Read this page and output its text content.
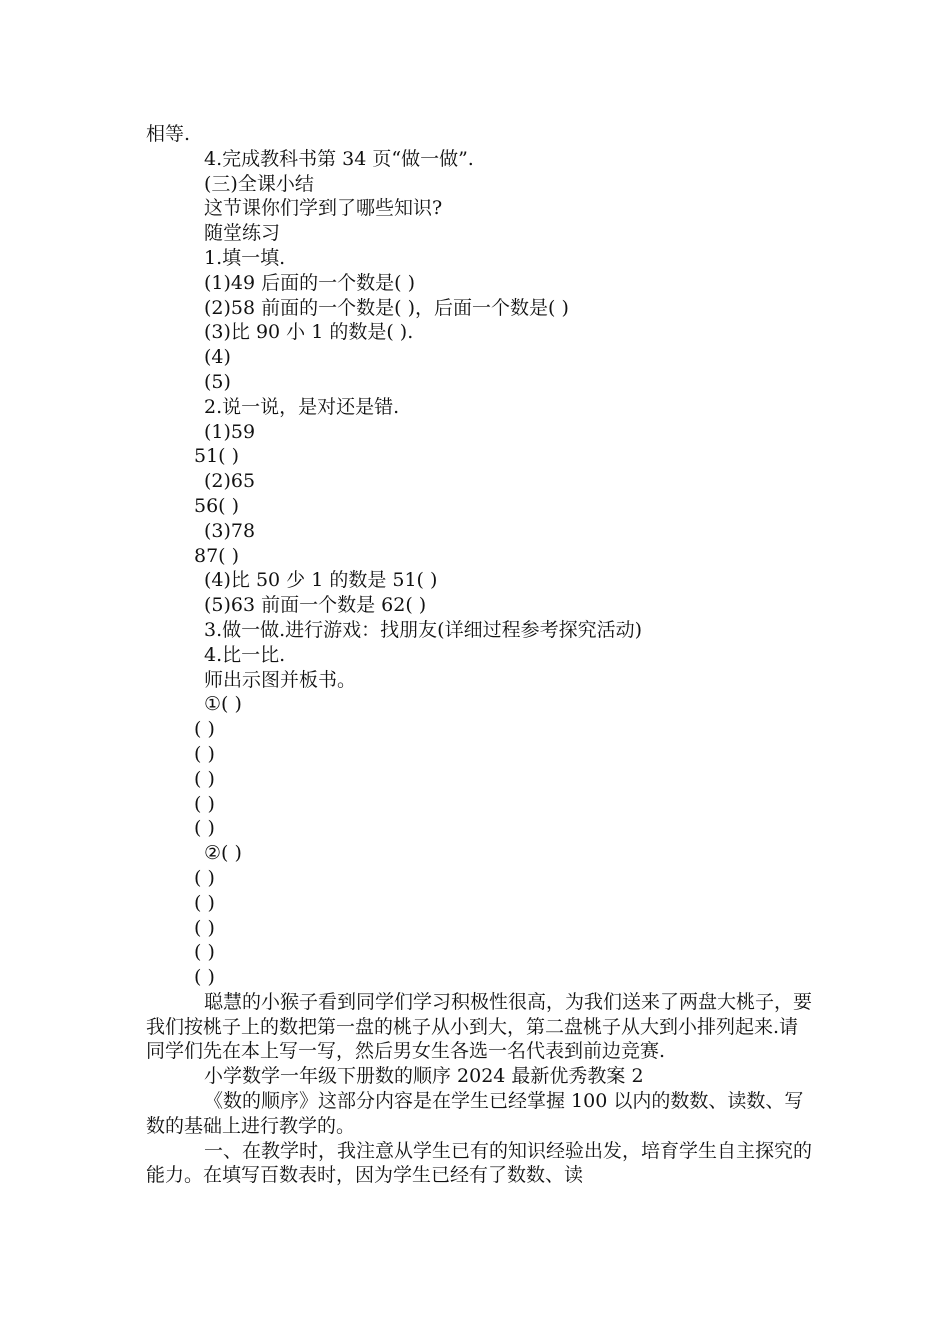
相等.
4.完成教科书第 34 页“做一做”.
(三)全课小结
这节课你们学到了哪些知识?
随堂练习
1.填一填.
(1)49 后面的一个数是( )
(2)58 前面的一个数是( )，后面一个数是( )
(3)比 90 小 1 的数是( ).
(4)
(5)
2.说一说，是对还是错.
(1)59
51( )
(2)65
56( )
(3)78
87( )
(4)比 50 少 1 的数是 51( )
(5)63 前面一个数是 62( )
3.做一做.进行游戏：找朋友(详细过程参考探究活动)
4.比一比.
师出示图并板书。
①( )
( )
( )
( )
( )
( )
②( )
( )
( )
( )
( )
( )

聪慧的小猴子看到同学们学习积极性很高，为我们送来了两盘大桃子，要我们按桃子上的数把第一盘的桃子从小到大，第二盘桃子从大到小排列起来.请同学们先在本上写一写，然后男女生各选一名代表到前边竞赛.

小学数学一年级下册数的顺序 2024 最新优秀教案 2

《数的顺序》这部分内容是在学生已经掌握 100 以内的数数、读数、写数的基础上进行教学的。

一、在教学时，我注意从学生已有的知识经验出发，培育学生自主探究的能力。在填写百数表时，因为学生已经有了数数、读
